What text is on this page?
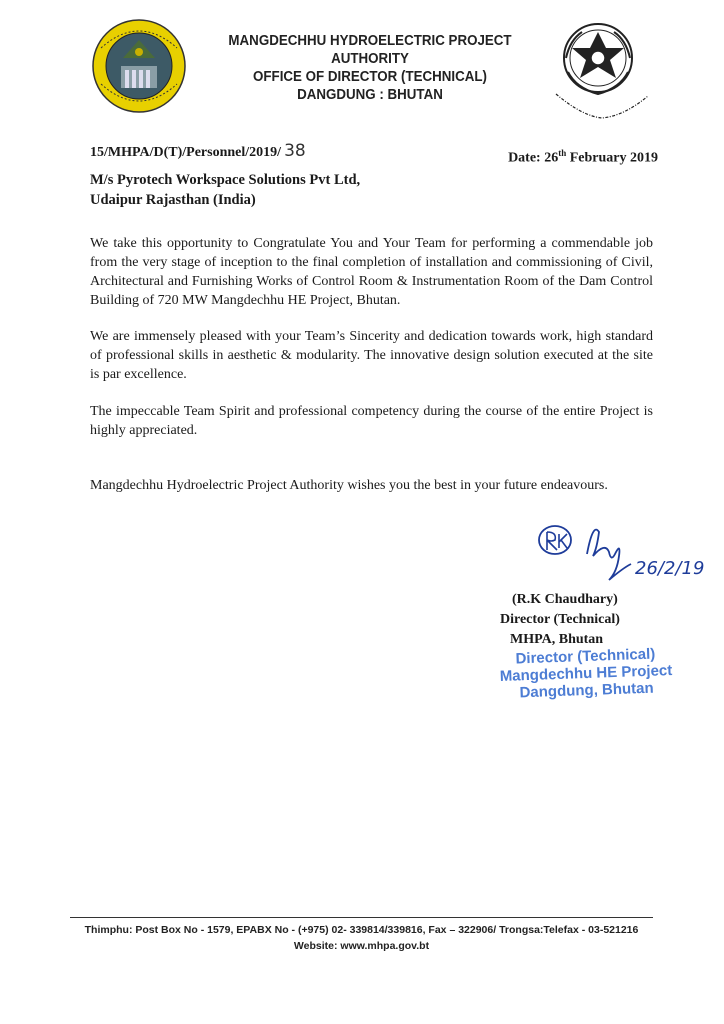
MANGDECHHU HYDROELECTRIC PROJECT AUTHORITY
OFFICE OF DIRECTOR (TECHNICAL)
DANGDUNG : BHUTAN
15/MHPA/D(T)/Personnel/2019/ 38	Date: 26th February 2019
M/s Pyrotech Workspace Solutions Pvt Ltd,
Udaipur Rajasthan (India)
We take this opportunity to Congratulate You and Your Team for performing a commendable job from the very stage of inception to the final completion of installation and commissioning of Civil, Architectural and Furnishing Works of Control Room & Instrumentation Room of the Dam Control Building of 720 MW Mangdechhu HE Project, Bhutan.
We are immensely pleased with your Team’s Sincerity and dedication towards work, high standard of professional skills in aesthetic & modularity. The innovative design solution executed at the site is par excellence.
The impeccable Team Spirit and professional competency during the course of the entire Project is highly appreciated.
Mangdechhu Hydroelectric Project Authority wishes you the best in your future endeavours.
26/2/19
(R.K Chaudhary)
Director (Technical)
MHPA, Bhutan
Director (Technical)
Mangdechhu HE Project
Dangdung, Bhutan
Thimphu: Post Box No - 1579, EPABX No - (+975) 02- 339814/339816, Fax – 322906/ Trongsa:Telefax - 03-521216
Website: www.mhpa.gov.bt
